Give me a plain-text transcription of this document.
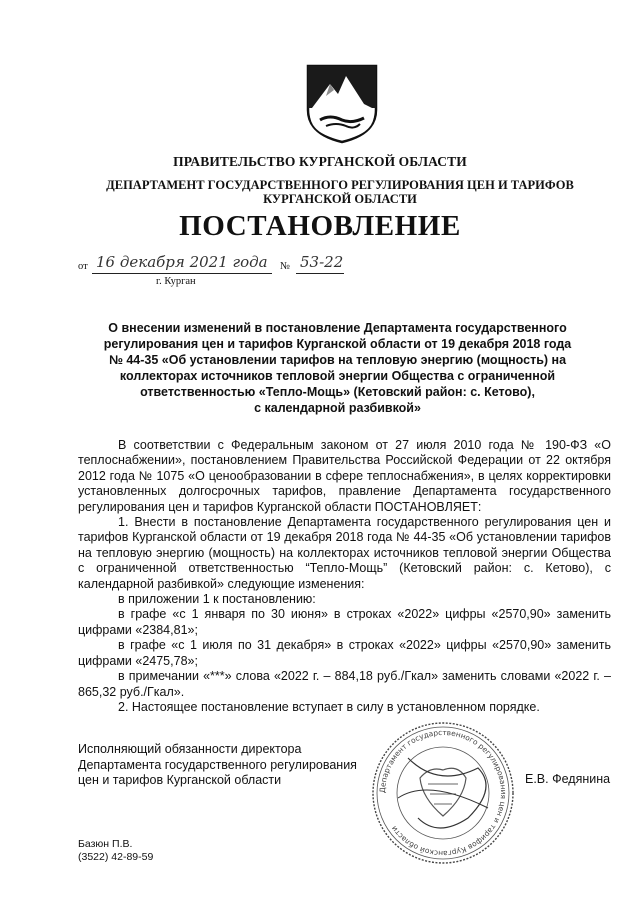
ПРАВИТЕЛЬСТВО КУРГАНСКОЙ ОБЛАСТИ
ДЕПАРТАМЕНТ ГОСУДАРСТВЕННОГО РЕГУЛИРОВАНИЯ ЦЕН И ТАРИФОВ
КУРГАНСКОЙ ОБЛАСТИ
ПОСТАНОВЛЕНИЕ
от 16 декабря 2021 года № 53-22
г. Курган
О внесении изменений в постановление Департамента государственного
регулирования цен и тарифов Курганской области от 19 декабря 2018 года
№ 44-35 «Об установлении тарифов на тепловую энергию (мощность) на
коллекторах источников тепловой энергии Общества с ограниченной
ответственностью «Тепло-Мощь» (Кетовский район: с. Кетово),
с календарной разбивкой»

В соответствии с Федеральным законом от 27 июля 2010 года № 190-ФЗ «О теплоснабжении», постановлением Правительства Российской Федерации от 22 октября 2012 года № 1075 «О ценообразовании в сфере теплоснабжения», в целях корректировки установленных долгосрочных тарифов, правление Департамента государственного регулирования цен и тарифов Курганской области ПОСТАНОВЛЯЕТ:

1. Внести в постановление Департамента государственного регулирования цен и тарифов Курганской области от 19 декабря 2018 года № 44-35 «Об установлении тарифов на тепловую энергию (мощность) на коллекторах источников тепловой энергии Общества с ограниченной ответственностью “Тепло-Мощь” (Кетовский район: с. Кетово), с календарной разбивкой» следующие изменения:

в приложении 1 к постановлению:

в графе «с 1 января по 30 июня» в строках «2022» цифры «2570,90» заменить цифрами «2384,81»;

в графе «с 1 июля по 31 декабря» в строках «2022» цифры «2570,90» заменить цифрами «2475,78»;

в примечании «***» слова «2022 г. – 884,18 руб./Гкал» заменить словами «2022 г. – 865,32 руб./Гкал».

2. Настоящее постановление вступает в силу в установленном порядке.

Исполняющий обязанности директора
Департамента государственного регулирования
цен и тарифов Курганской области
Департамент государственного регулирования цен и тарифов Курганской области
Е.В. Федянина
Базюн П.В.
(3522) 42-89-59
